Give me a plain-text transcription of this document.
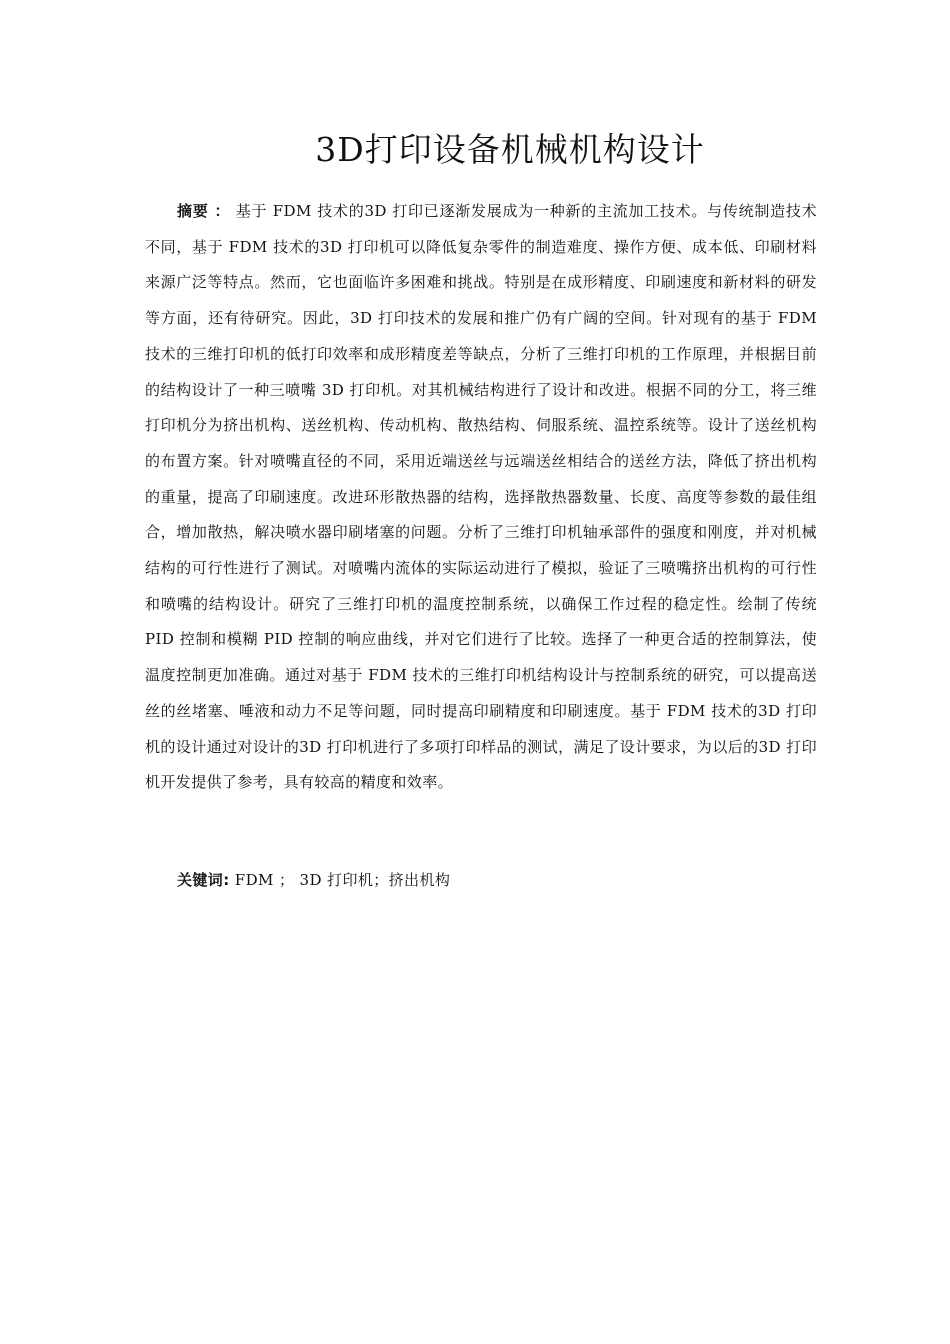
3D打印设备机械机构设计

摘要 ： 基于 FDM 技术的3D 打印已逐渐发展成为一种新的主流加工技术。与传统制造技术不同，基于 FDM 技术的3D 打印机可以降低复杂零件的制造难度、操作方便、成本低、印刷材料来源广泛等特点。然而，它也面临许多困难和挑战。特别是在成形精度、印刷速度和新材料的研发等方面，还有待研究。因此，3D 打印技术的发展和推广仍有广阔的空间。针对现有的基于 FDM 技术的三维打印机的低打印效率和成形精度差等缺点，分析了三维打印机的工作原理，并根据目前的结构设计了一种三喷嘴 3D 打印机。对其机械结构进行了设计和改进。根据不同的分工，将三维打印机分为挤出机构、送丝机构、传动机构、散热结构、伺服系统、温控系统等。设计了送丝机构的布置方案。针对喷嘴直径的不同，采用近端送丝与远端送丝相结合的送丝方法，降低了挤出机构的重量，提高了印刷速度。改进环形散热器的结构，选择散热器数量、长度、高度等参数的最佳组合，增加散热，解决喷水器印刷堵塞的问题。分析了三维打印机轴承部件的强度和刚度，并对机械结构的可行性进行了测试。对喷嘴内流体的实际运动进行了模拟，验证了三喷嘴挤出机构的可行性和喷嘴的结构设计。研究了三维打印机的温度控制系统，以确保工作过程的稳定性。绘制了传统 PID 控制和模糊 PID 控制的响应曲线，并对它们进行了比较。选择了一种更合适的控制算法，使温度控制更加准确。通过对基于 FDM 技术的三维打印机结构设计与控制系统的研究，可以提高送丝的丝堵塞、唾液和动力不足等问题，同时提高印刷精度和印刷速度。基于 FDM 技术的3D 打印机的设计通过对设计的3D 打印机进行了多项打印样品的测试，满足了设计要求，为以后的3D 打印机开发提供了参考，具有较高的精度和效率。

关键词: FDM ； 3D 打印机；挤出机构
